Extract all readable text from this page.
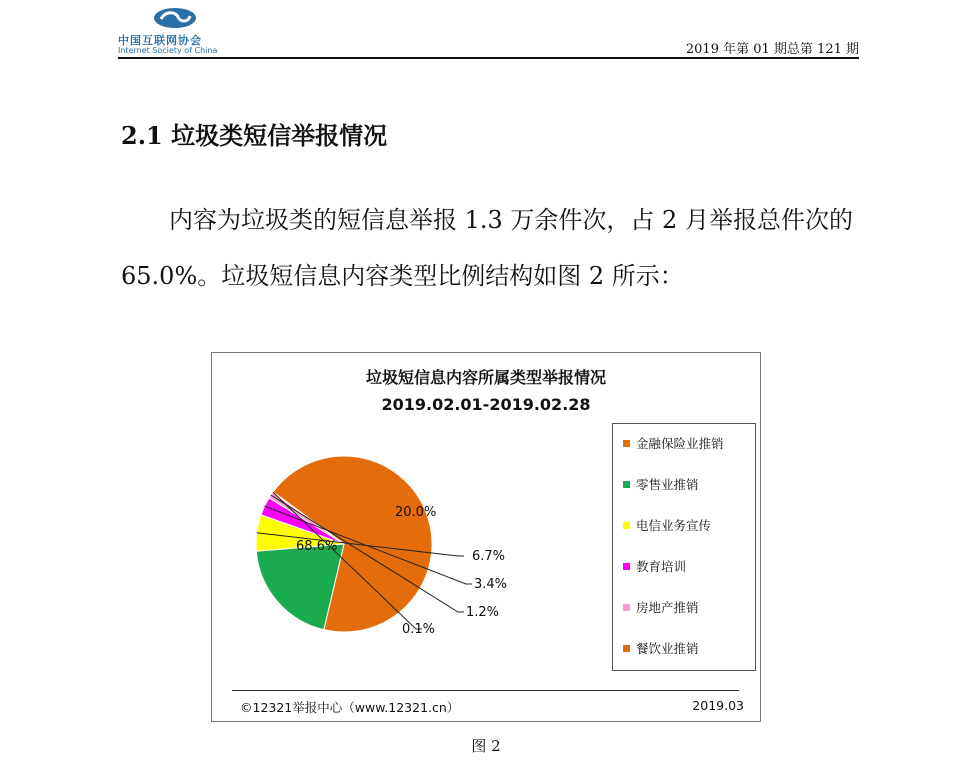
中国互联网协会
Internet Society of China	2019 年第 01 期总第 121 期
2.1 垃圾类短信举报情况

内容为垃圾类的短信息举报 1.3 万余件次，占 2 月举报总件次的 65.0%。垃圾短信息内容类型比例结构如图 2 所示：

垃圾短信息内容所属类型举报情况
2019.02.01-2019.02.28
68.6%
20.0%
6.7%
3.4%
1.2%
0.1%
金融保险业推销
零售业推销
电信业务宣传
教育培训
房地产推销
餐饮业推销
©12321举报中心（www.12321.cn）	2019.03
图 2
